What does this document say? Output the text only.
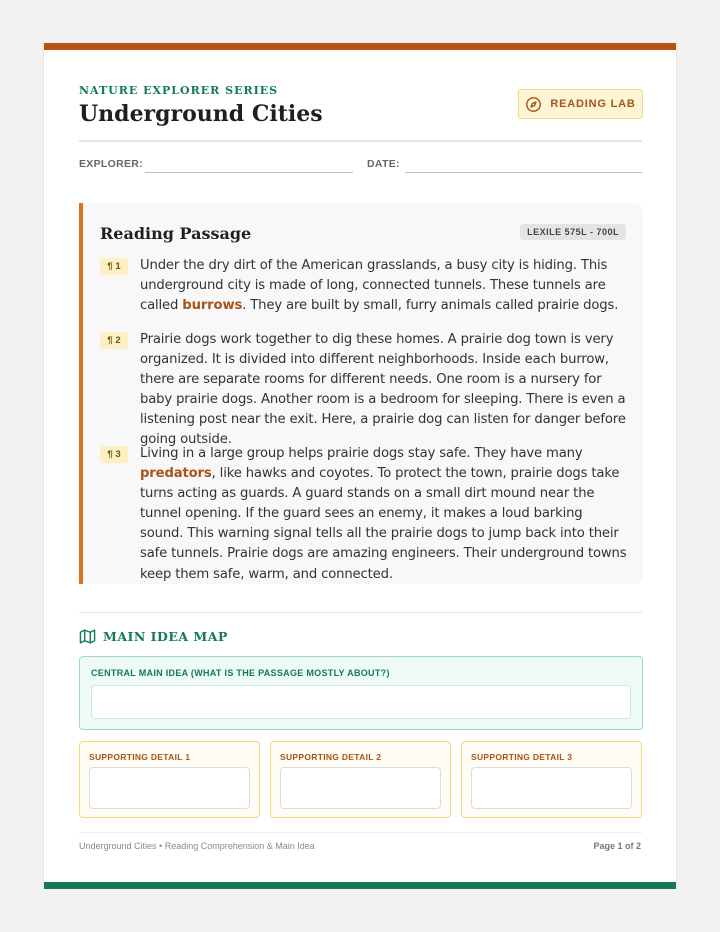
NATURE EXPLORER SERIES
Underground Cities	READING LAB
EXPLORER:	DATE:
Reading Passage	LEXILE 575L - 700L
¶ 1	Under the dry dirt of the American grasslands, a busy city is hiding. This underground city is made of long, connected tunnels. These tunnels are called burrows. They are built by small, furry animals called prairie dogs.
¶ 2	Prairie dogs work together to dig these homes. A prairie dog town is very organized. It is divided into different neighborhoods. Inside each burrow, there are separate rooms for different needs. One room is a nursery for baby prairie dogs. Another room is a bedroom for sleeping. There is even a listening post near the exit. Here, a prairie dog can listen for danger before going outside.
¶ 3	Living in a large group helps prairie dogs stay safe. They have many predators, like hawks and coyotes. To protect the town, prairie dogs take turns acting as guards. A guard stands on a small dirt mound near the tunnel opening. If the guard sees an enemy, it makes a loud barking sound. This warning signal tells all the prairie dogs to jump back into their safe tunnels. Prairie dogs are amazing engineers. Their underground towns keep them safe, warm, and connected.
MAIN IDEA MAP
CENTRAL MAIN IDEA (WHAT IS THE PASSAGE MOSTLY ABOUT?)
SUPPORTING DETAIL 1	SUPPORTING DETAIL 2	SUPPORTING DETAIL 3
Underground Cities • Reading Comprehension & Main Idea	Page 1 of 2
